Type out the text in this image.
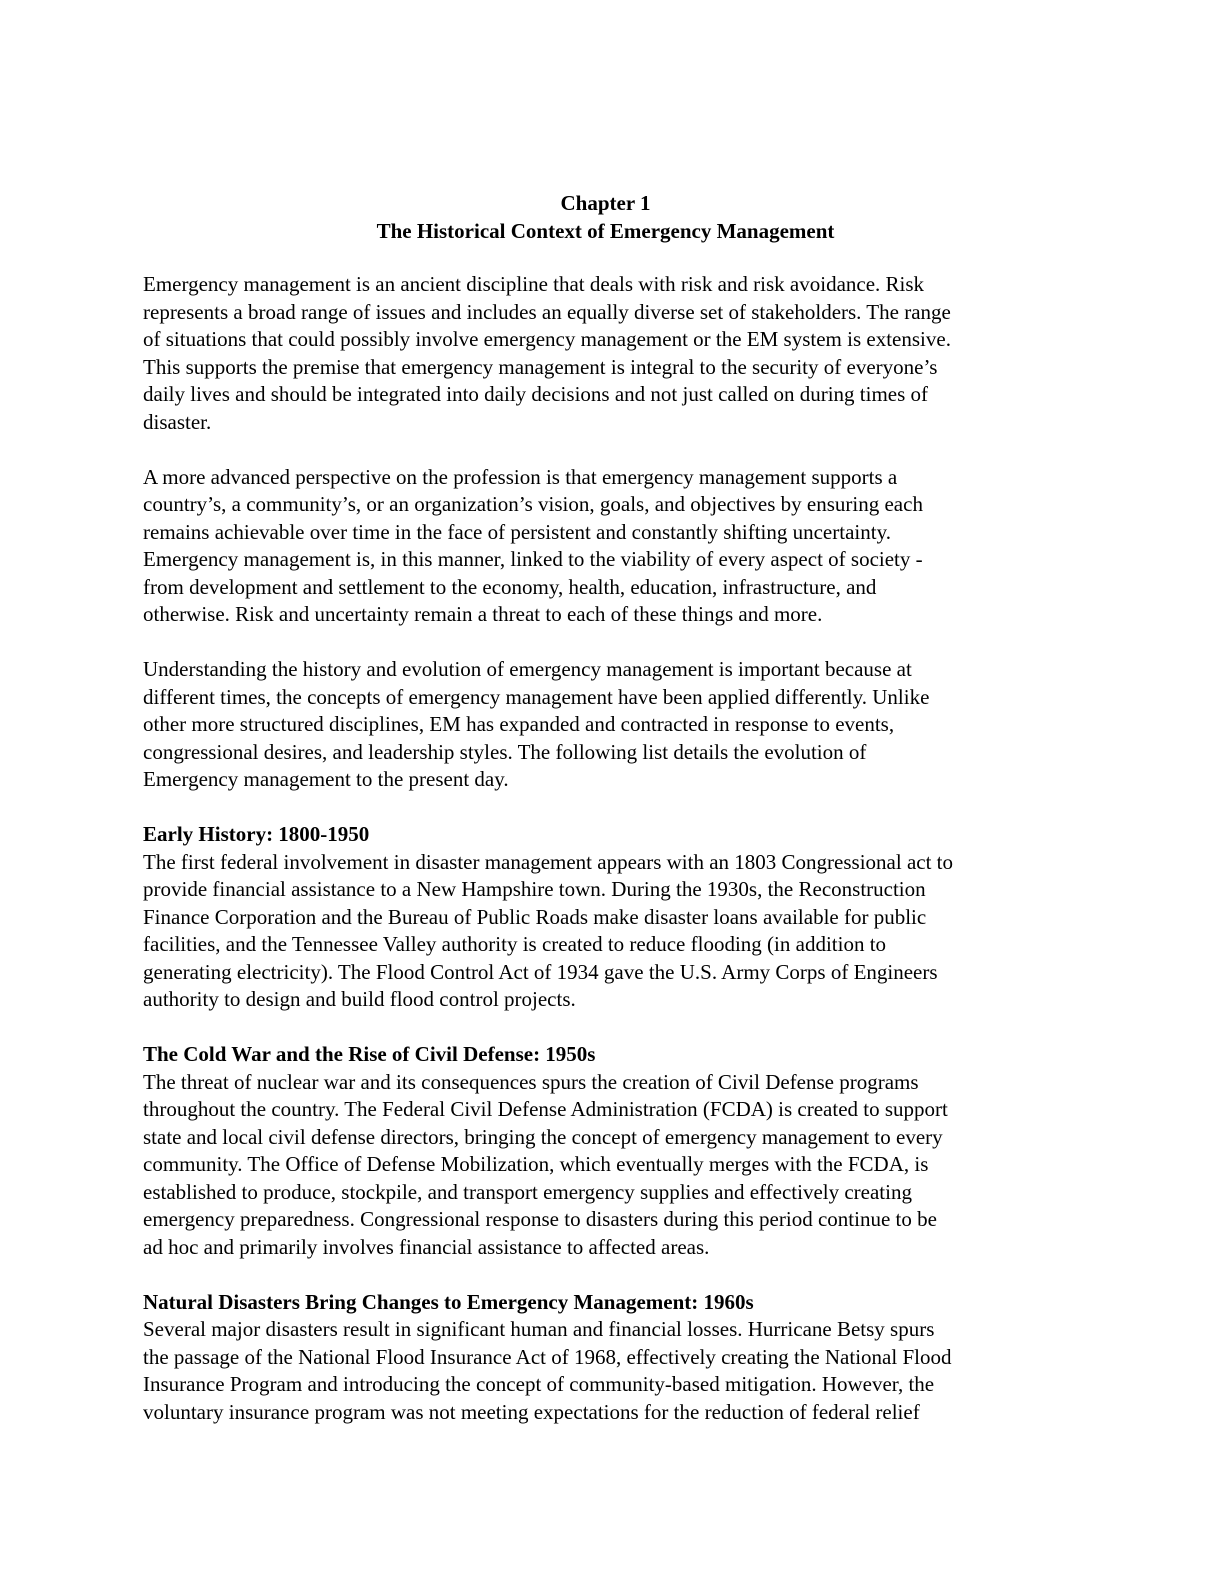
Chapter 1
The Historical Context of Emergency Management

Emergency management is an ancient discipline that deals with risk and risk avoidance. Risk
represents a broad range of issues and includes an equally diverse set of stakeholders. The range
of situations that could possibly involve emergency management or the EM system is extensive.
This supports the premise that emergency management is integral to the security of everyone’s
daily lives and should be integrated into daily decisions and not just called on during times of
disaster.

A more advanced perspective on the profession is that emergency management supports a
country’s, a community’s, or an organization’s vision, goals, and objectives by ensuring each
remains achievable over time in the face of persistent and constantly shifting uncertainty.
Emergency management is, in this manner, linked to the viability of every aspect of society -
from development and settlement to the economy, health, education, infrastructure, and
otherwise. Risk and uncertainty remain a threat to each of these things and more.

Understanding the history and evolution of emergency management is important because at
different times, the concepts of emergency management have been applied differently. Unlike
other more structured disciplines, EM has expanded and contracted in response to events,
congressional desires, and leadership styles. The following list details the evolution of
Emergency management to the present day.

Early History: 1800-1950

The first federal involvement in disaster management appears with an 1803 Congressional act to
provide financial assistance to a New Hampshire town. During the 1930s, the Reconstruction
Finance Corporation and the Bureau of Public Roads make disaster loans available for public
facilities, and the Tennessee Valley authority is created to reduce flooding (in addition to
generating electricity). The Flood Control Act of 1934 gave the U.S. Army Corps of Engineers
authority to design and build flood control projects.

The Cold War and the Rise of Civil Defense: 1950s

The threat of nuclear war and its consequences spurs the creation of Civil Defense programs
throughout the country. The Federal Civil Defense Administration (FCDA) is created to support
state and local civil defense directors, bringing the concept of emergency management to every
community. The Office of Defense Mobilization, which eventually merges with the FCDA, is
established to produce, stockpile, and transport emergency supplies and effectively creating
emergency preparedness. Congressional response to disasters during this period continue to be
ad hoc and primarily involves financial assistance to affected areas.

Natural Disasters Bring Changes to Emergency Management: 1960s

Several major disasters result in significant human and financial losses. Hurricane Betsy spurs
the passage of the National Flood Insurance Act of 1968, effectively creating the National Flood
Insurance Program and introducing the concept of community-based mitigation. However, the
voluntary insurance program was not meeting expectations for the reduction of federal relief
